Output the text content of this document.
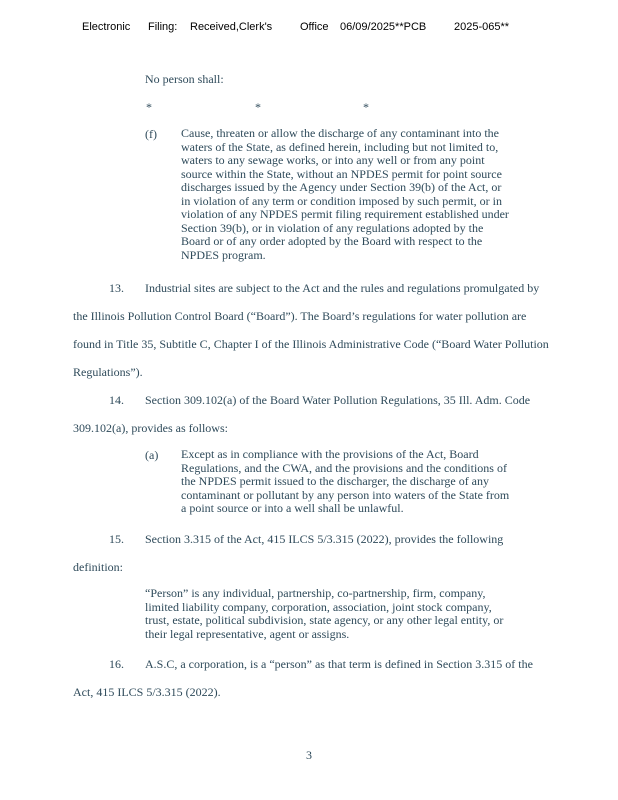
Electronic Filing: Received,Clerk's	Office 06/09/2025**PCB	2025-065**
No person shall:
*	*	*
(f) Cause, threaten or allow the discharge of any contaminant into the
waters of the State, as defined herein, including but not limited to,
waters to any sewage works, or into any well or from any point
source within the State, without an NPDES permit for point source
discharges issued by the Agency under Section 39(b) of the Act, or
in violation of any term or condition imposed by such permit, or in
violation of any NPDES permit filing requirement established under
Section 39(b), or in violation of any regulations adopted by the
Board or of any order adopted by the Board with respect to the
NPDES program.
13. Industrial sites are subject to the Act and the rules and regulations promulgated by
the Illinois Pollution Control Board (“Board”). The Board’s regulations for water pollution are
found in Title 35, Subtitle C, Chapter I of the Illinois Administrative Code (“Board Water Pollution
Regulations”).
14. Section 309.102(a) of the Board Water Pollution Regulations, 35 Ill. Adm. Code
309.102(a), provides as follows:
(a) Except as in compliance with the provisions of the Act, Board
Regulations, and the CWA, and the provisions and the conditions of
the NPDES permit issued to the discharger, the discharge of any
contaminant or pollutant by any person into waters of the State from
a point source or into a well shall be unlawful.
15. Section 3.315 of the Act, 415 ILCS 5/3.315 (2022), provides the following
definition:
“Person” is any individual, partnership, co-partnership, firm, company,
limited liability company, corporation, association, joint stock company,
trust, estate, political subdivision, state agency, or any other legal entity, or
their legal representative, agent or assigns.
16. A.S.C, a corporation, is a “person” as that term is defined in Section 3.315 of the
Act, 415 ILCS 5/3.315 (2022).
3
